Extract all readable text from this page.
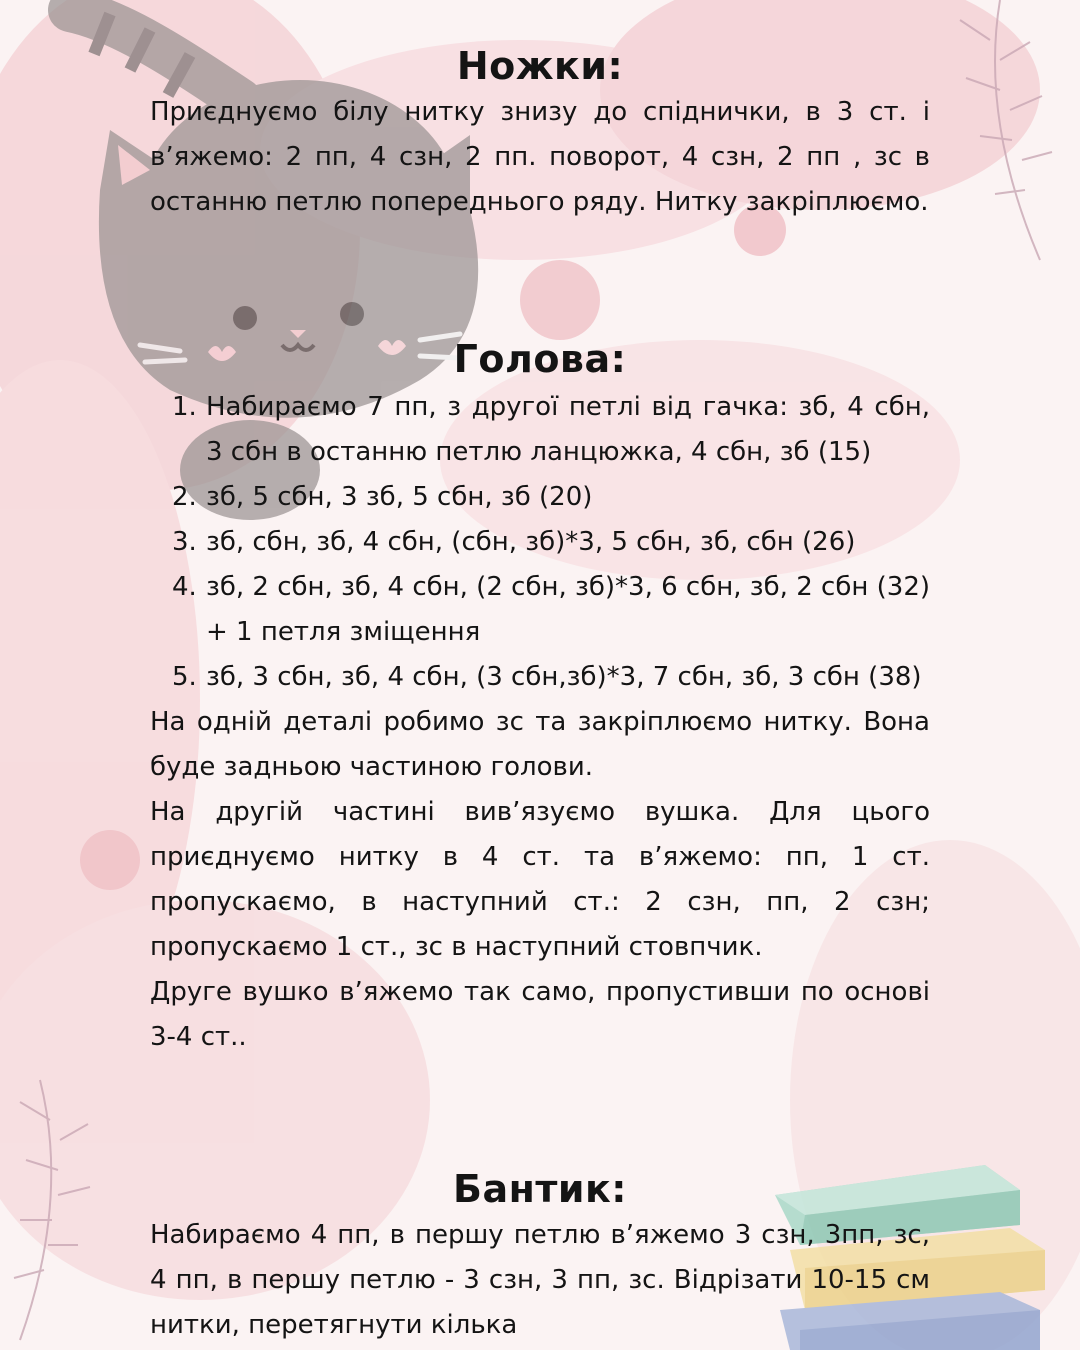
Ножки:

Приєднуємо білу нитку знизу до спіднички, в 3 ст. і в’яжемо: 2 пп, 4 сзн, 2 пп. поворот, 4 сзн, 2 пп , зс в останню петлю попереднього ряду. Нитку закріплюємо.

Голова:
1. Набираємо 7 пп, з другої петлі від гачка: зб, 4 сбн, 3 сбн в останню петлю ланцюжка, 4 сбн, зб (15)
2. зб, 5 сбн, 3 зб, 5 сбн, зб (20)
3. зб, сбн, зб, 4 сбн, (сбн, зб)*3, 5 сбн, зб, сбн (26)
4. зб, 2 сбн, зб, 4 сбн, (2 сбн, зб)*3, 6 сбн, зб, 2 сбн (32) + 1 петля зміщення
5. зб, 3 сбн, зб, 4 сбн, (3 сбн,зб)*3, 7 сбн, зб, 3 сбн (38)

На одній деталі робимо зс та закріплюємо нитку. Вона буде задньою частиною голови.

На другій частині вив’язуємо вушка. Для цього приєднуємо нитку в 4 ст. та в’яжемо: пп, 1 ст. пропускаємо, в наступний ст.: 2 сзн, пп, 2 сзн; пропускаємо 1 ст., зс в наступний стовпчик.

Друге вушко в’яжемо так само, пропустивши по основі 3-4 ст..

Бантик:

Набираємо 4 пп, в першу петлю в’яжемо 3 сзн, 3пп, зс, 4 пп, в першу петлю - 3 сзн, 3 пп, зс. Відрізати 10-15 см нитки, перетягнути кілька
